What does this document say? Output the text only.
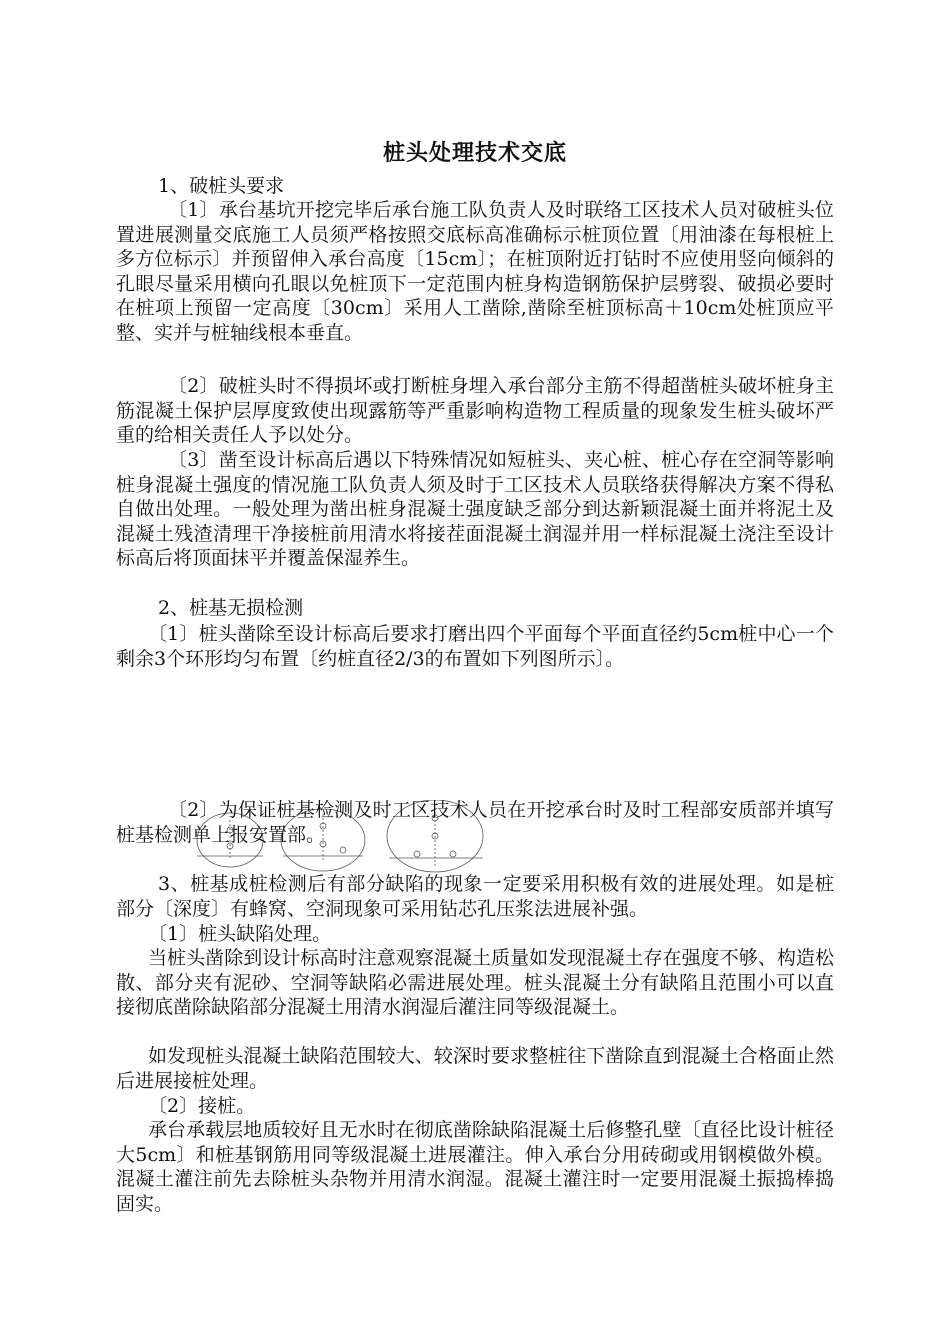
桩头处理技术交底
1、破桩头要求
〔1〕承台基坑开挖完毕后承台施工队负责人及时联络工区技术人员对破桩头位置进展测量交底施工人员须严格按照交底标高准确标示桩顶位置〔用油漆在每根桩上多方位标示〕并预留伸入承台高度〔15cm〕；在桩顶附近打钻时不应使用竖向倾斜的孔眼尽量采用横向孔眼以免桩顶下一定范围内桩身构造钢筋保护层劈裂、破损必要时在桩项上预留一定高度〔30cm〕采用人工凿除,凿除至桩顶标高＋10cm处桩顶应平整、实并与桩轴线根本垂直。
〔2〕破桩头时不得损坏或打断桩身埋入承台部分主筋不得超凿桩头破坏桩身主筋混凝土保护层厚度致使出现露筋等严重影响构造物工程质量的现象发生桩头破坏严重的给相关责任人予以处分。
〔3〕凿至设计标高后遇以下特殊情况如短桩头、夹心桩、桩心存在空洞等影响桩身混凝土强度的情况施工队负责人须及时于工区技术人员联络获得解决方案不得私自做出处理。一般处理为凿出桩身混凝土强度缺乏部分到达新颖混凝土面并将泥土及混凝土残渣清理干净接桩前用清水将接茬面混凝土润湿并用一样标混凝土浇注至设计标高后将顶面抹平并覆盖保湿养生。
2、桩基无损检测
〔1〕桩头凿除至设计标高后要求打磨出四个平面每个平面直径约5cm桩中心一个剩余3个环形均匀布置〔约桩直径2/3的布置如下列图所示〕。
〔2〕为保证桩基检测及时工区技术人员在开挖承台时及时工程部安质部并填写桩基检测单上报安置部。
3、桩基成桩检测后有部分缺陷的现象一定要采用积极有效的进展处理。如是桩部分〔深度〕有蜂窝、空洞现象可采用钻芯孔压浆法进展补强。
〔1〕桩头缺陷处理。
当桩头凿除到设计标高时注意观察混凝土质量如发现混凝土存在强度不够、构造松散、部分夹有泥砂、空洞等缺陷必需进展处理。桩头混凝土分有缺陷且范围小可以直接彻底凿除缺陷部分混凝土用清水润湿后灌注同等级混凝土。
如发现桩头混凝土缺陷范围较大、较深时要求整桩往下凿除直到混凝土合格面止然后进展接桩处理。
〔2〕接桩。
承台承载层地质较好且无水时在彻底凿除缺陷混凝土后修整孔壁〔直径比设计桩径大5cm〕和桩基钢筋用同等级混凝土进展灌注。伸入承台分用砖砌或用钢模做外模。混凝土灌注前先去除桩头杂物并用清水润湿。混凝土灌注时一定要用混凝土振捣棒捣固实。
